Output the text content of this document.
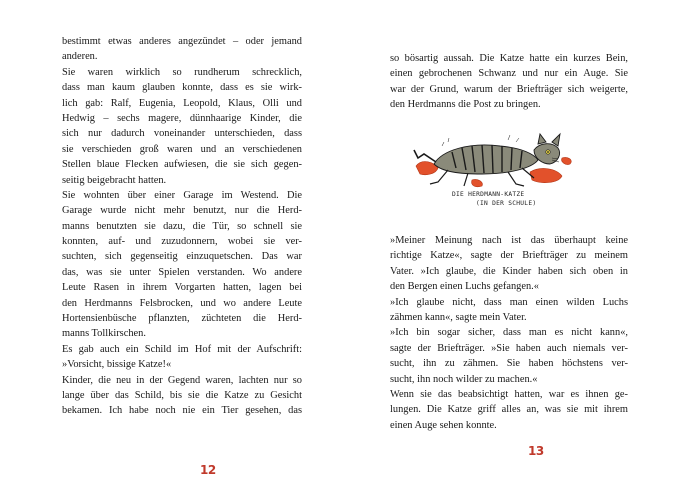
bestimmt etwas anderes angezündet – oder jemand
anderen.
Sie waren wirklich so rundherum schrecklich,
dass man kaum glauben konnte, dass es sie wirk-
lich gab: Ralf, Eugenia, Leopold, Klaus, Olli und
Hedwig – sechs magere, dünnhaarige Kinder, die
sich nur dadurch voneinander unterschieden, dass
sie verschieden groß waren und an verschiedenen
Stellen blaue Flecken aufwiesen, die sie sich gegen-
seitig beigebracht hatten.
Sie wohnten über einer Garage im Westend. Die
Garage wurde nicht mehr benutzt, nur die Herd-
manns benutzten sie dazu, die Tür, so schnell sie
konnten, auf- und zuzudonnern, wobei sie ver-
suchten, sich gegenseitig einzuquetschen. Das war
das, was sie unter Spielen verstanden. Wo andere
Leute Rasen in ihrem Vorgarten hatten, lagen bei
den Herdmanns Felsbrocken, und wo andere Leute
Hortensienbüsche pflanzten, züchteten die Herd-
manns Tollkirschen.
Es gab auch ein Schild im Hof mit der Aufschrift:
»Vorsicht, bissige Katze!«
Kinder, die neu in der Gegend waren, lachten nur so
lange über das Schild, bis sie die Katze zu Gesicht
bekamen. Ich habe noch nie ein Tier gesehen, das
12
so bösartig aussah. Die Katze hatte ein kurzes Bein,
einen gebrochenen Schwanz und nur ein Auge. Sie
war der Grund, warum der Briefträger sich weigerte,
den Herdmanns die Post zu bringen.
DIE HERDMANN-KATZE
(IN DER SCHULE)
»Meiner Meinung nach ist das überhaupt keine
richtige Katze«, sagte der Briefträger zu meinem
Vater. »Ich glaube, die Kinder haben sich oben in
den Bergen einen Luchs gefangen.«
»Ich glaube nicht, dass man einen wilden Luchs
zähmen kann«, sagte mein Vater.
»Ich bin sogar sicher, dass man es nicht kann«,
sagte der Briefträger. »Sie haben auch niemals ver-
sucht, ihn zu zähmen. Sie haben höchstens ver-
sucht, ihn noch wilder zu machen.«
Wenn sie das beabsichtigt hatten, war es ihnen ge-
lungen. Die Katze griff alles an, was sie mit ihrem
einen Auge sehen konnte.
13
